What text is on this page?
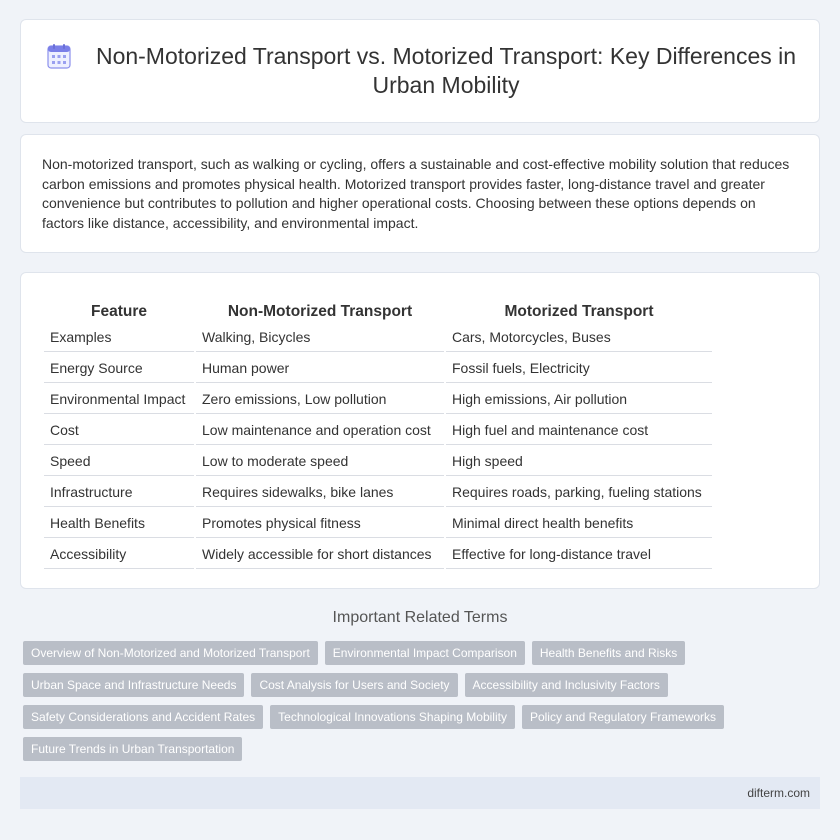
Non-Motorized Transport vs. Motorized Transport: Key Differences in Urban Mobility

Non-motorized transport, such as walking or cycling, offers a sustainable and cost-effective mobility solution that reduces carbon emissions and promotes physical health. Motorized transport provides faster, long-distance travel and greater convenience but contributes to pollution and higher operational costs. Choosing between these options depends on factors like distance, accessibility, and environmental impact.

Feature	Non-Motorized Transport	Motorized Transport
Examples	Walking, Bicycles	Cars, Motorcycles, Buses
Energy Source	Human power	Fossil fuels, Electricity
Environmental Impact	Zero emissions, Low pollution	High emissions, Air pollution
Cost	Low maintenance and operation cost	High fuel and maintenance cost
Speed	Low to moderate speed	High speed
Infrastructure	Requires sidewalks, bike lanes	Requires roads, parking, fueling stations
Health Benefits	Promotes physical fitness	Minimal direct health benefits
Accessibility	Widely accessible for short distances	Effective for long-distance travel
Important Related Terms
Overview of Non-Motorized and Motorized Transport	Environmental Impact Comparison	Health Benefits and Risks
Urban Space and Infrastructure Needs	Cost Analysis for Users and Society	Accessibility and Inclusivity Factors
Safety Considerations and Accident Rates	Technological Innovations Shaping Mobility	Policy and Regulatory Frameworks
Future Trends in Urban Transportation
difterm.com
